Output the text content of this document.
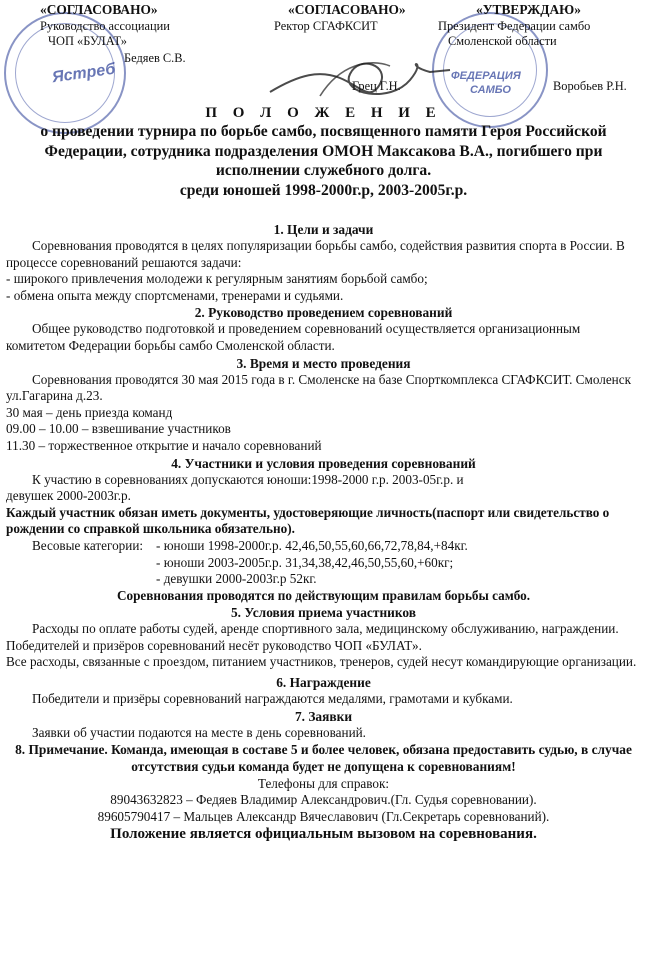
Ястреб	ФЕДЕРАЦИЯ
САМБО
«СОГЛАСОВАНО»
Руководство ассоциации
ЧОП «БУЛАТ»
Бедяев С.В.
«СОГЛАСОВАНО»
Ректор СГАФКСИТ
Грец Г.Н.
«УТВЕРЖДАЮ»
Президент Федерации самбо
Смоленской области
Воробьев Р.Н.
П О Л О Ж Е Н И Е
о проведении турнира по борьбе самбо, посвященного памяти Героя Российской Федерации, сотрудника подразделения ОМОН Максакова В.А., погибшего при исполнении служебного долга.
среди юношей 1998-2000г.р, 2003-2005г.р.
1. Цели и задачи
Соревнования проводятся в целях популяризации борьбы самбо, содействия развития спорта в России. В процессе соревнований решаются задачи:
- широкого привлечения молодежи к регулярным занятиям борьбой самбо;
- обмена опыта между спортсменами, тренерами и судьями.
2. Руководство проведением соревнований
Общее руководство подготовкой и проведением соревнований осуществляется организационным комитетом Федерации борьбы самбо Смоленской области.
3. Время и место проведения
Соревнования проводятся 30 мая 2015 года в г. Смоленске на базе Спорткомплекса СГАФКСИТ. Смоленск ул.Гагарина д.23.
30 мая – день приезда команд
09.00 – 10.00 – взвешивание участников
11.30 – торжественное открытие и начало соревнований
4. Участники и условия проведения соревнований
К участию в соревнованиях допускаются юноши:1998-2000 г.р. 2003-05г.р. и
девушек 2000-2003г.р.
Каждый участник обязан иметь документы, удостоверяющие личность(паспорт или свидетельство о рождении со справкой школьника обязательно).
Весовые категории: - юноши 1998-2000г.р. 42,46,50,55,60,66,72,78,84,+84кг.
- юноши 2003-2005г.р. 31,34,38,42,46,50,55,60,+60кг;
- девушки 2000-2003г.р 52кг.
Соревнования проводятся по действующим правилам борьбы самбо.
5. Условия приема участников
Расходы по оплате работы судей, аренде спортивного зала, медицинскому обслуживанию, награждении. Победителей и призёров соревнований несёт руководство ЧОП «БУЛАТ».
Все расходы, связанные с проездом, питанием участников, тренеров, судей несут командирующие организации.
6. Награждение
Победители и призёры соревнований награждаются медалями, грамотами и кубками.
7. Заявки
Заявки об участии подаются на месте в день соревнований.
8. Примечание. Команда, имеющая в составе 5 и более человек, обязана предоставить судью, в случае отсутствия судьи команда будет не допущена к соревнованиям!
Телефоны для справок:
89043632823 – Федяев Владимир Александрович.(Гл. Судья соревновании).
89605790417 – Мальцев Александр Вячеславович (Гл.Секретарь соревнований).
Положение является официальным вызовом на соревнования.
